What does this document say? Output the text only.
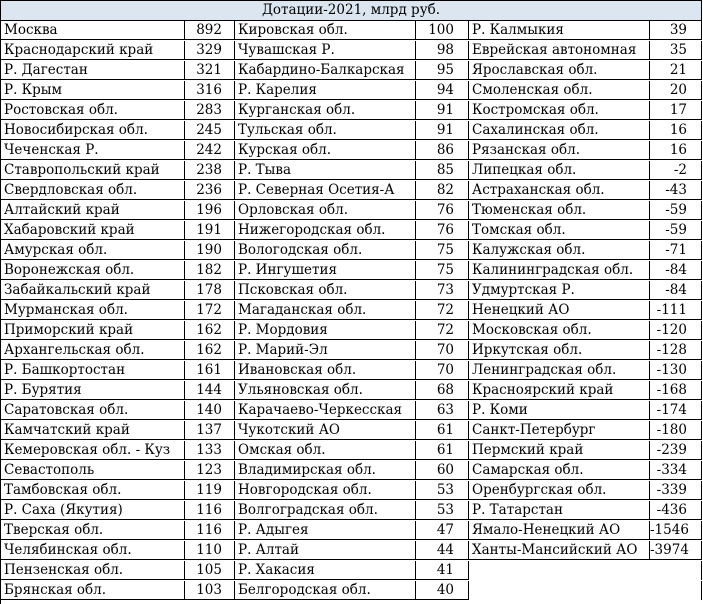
Дотации-2021, млрд руб.
Москва	892	Кировская обл.	100	Р. Калмыкия	39
Краснодарский край	329	Чувашская Р.	98	Еврейская автономная	35
Р. Дагестан	321	Кабардино-Балкарская	95	Ярославская обл.	21
Р. Крым	316	Р. Карелия	94	Смоленская обл.	20
Ростовская обл.	283	Курганская обл.	91	Костромская обл.	17
Новосибирская обл.	245	Тульская обл.	91	Сахалинская обл.	16
Чеченская Р.	242	Курская обл.	86	Рязанская обл.	16
Ставропольский край	238	Р. Тыва	85	Липецкая обл.	-2
Свердловская обл.	236	Р. Северная Осетия-А	82	Астраханская обл.	-43
Алтайский край	196	Орловская обл.	76	Тюменская обл.	-59
Хабаровский край	191	Нижегородская обл.	76	Томская обл.	-59
Амурская обл.	190	Вологодская обл.	75	Калужская обл.	-71
Воронежская обл.	182	Р. Ингушетия	75	Калининградская обл.	-84
Забайкальский край	178	Псковская обл.	73	Удмуртская Р.	-84
Мурманская обл.	172	Магаданская обл.	72	Ненецкий АО	-111
Приморский край	162	Р. Мордовия	72	Московская обл.	-120
Архангельская обл.	162	Р. Марий-Эл	70	Иркутская обл.	-128
Р. Башкортостан	161	Ивановская обл.	70	Ленинградская обл.	-130
Р. Бурятия	144	Ульяновская обл.	68	Красноярский край	-168
Саратовская обл.	140	Карачаево-Черкесская	63	Р. Коми	-174
Камчатский край	137	Чукотский АО	61	Санкт-Петербург	-180
Кемеровская обл. - Куз	133	Омская обл.	61	Пермский край	-239
Севастополь	123	Владимирская обл.	60	Самарская обл.	-334
Тамбовская обл.	119	Новгородская обл.	53	Оренбургская обл.	-339
Р. Саха (Якутия)	116	Волгоградская обл.	53	Р. Татарстан	-436
Тверская обл.	116	Р. Адыгея	47	Ямало-Ненецкий АО	-1546
Челябинская обл.	110	Р. Алтай	44	Ханты-Мансийский АО -3974
Пензенская обл.	105	Р. Хакасия	41
Брянская обл.	103	Белгородская обл.	40
